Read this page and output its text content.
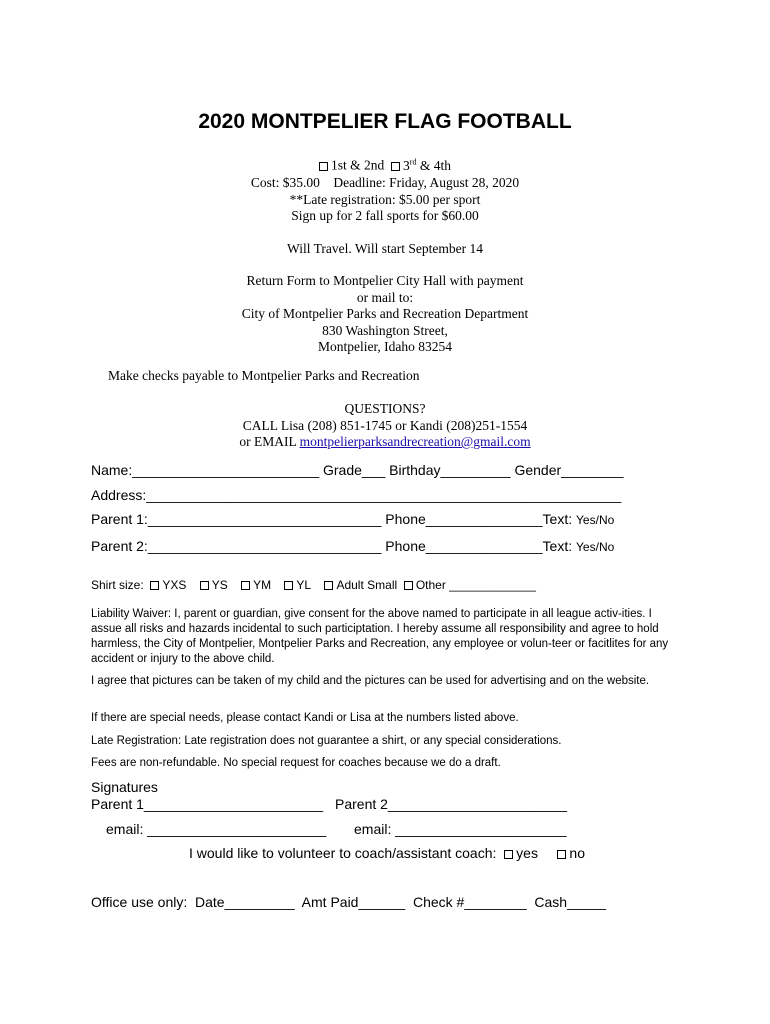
2020 MONTPELIER FLAG FOOTBALL
1st & 2nd 3rd & 4th
Cost: $35.00    Deadline: Friday, August 28, 2020
**Late registration: $5.00 per sport
Sign up for 2 fall sports for $60.00
Will Travel. Will start September 14
Return Form to Montpelier City Hall with payment
or mail to:
City of Montpelier Parks and Recreation Department
830 Washington Street,
Montpelier, Idaho 83254
Make checks payable to Montpelier Parks and Recreation
QUESTIONS?
CALL Lisa (208) 851-1745 or Kandi (208)251-1554
or EMAIL montpelierparksandrecreation@gmail.com
Name:________________________ Grade___ Birthday_________ Gender________
Address:_____________________________________________________________
Parent 1:______________________________ Phone_______________Text: Yes/No
Parent 2:______________________________ Phone_______________Text: Yes/No
Shirt size:  YXS YS YM YL Adult Small Other _____________
Liability Waiver: I, parent or guardian, give consent for the above named to participate in all league activ-ities. I assue all risks and hazards incidental to such participtation. I hereby assume all responsibility and agree to hold harmless, the City of Montpelier, Montpelier Parks and Recreation, any employee or volun-teer or facitlites for any accident or injury to the above child.
I agree that pictures can be taken of my child and the pictures can be used for advertising and on the website.
If there are special needs, please contact Kandi or Lisa at the numbers listed above.
Late Registration: Late registration does not guarantee a shirt, or any special considerations.
Fees are non-refundable. No special request for coaches because we do a draft.
Signatures
Parent 1_______________________ Parent 2_______________________
email: _______________________ email: ______________________
I would like to volunteer to coach/assistant coach:  yes no
Office use only:  Date_________  Amt Paid______  Check #________  Cash_____
